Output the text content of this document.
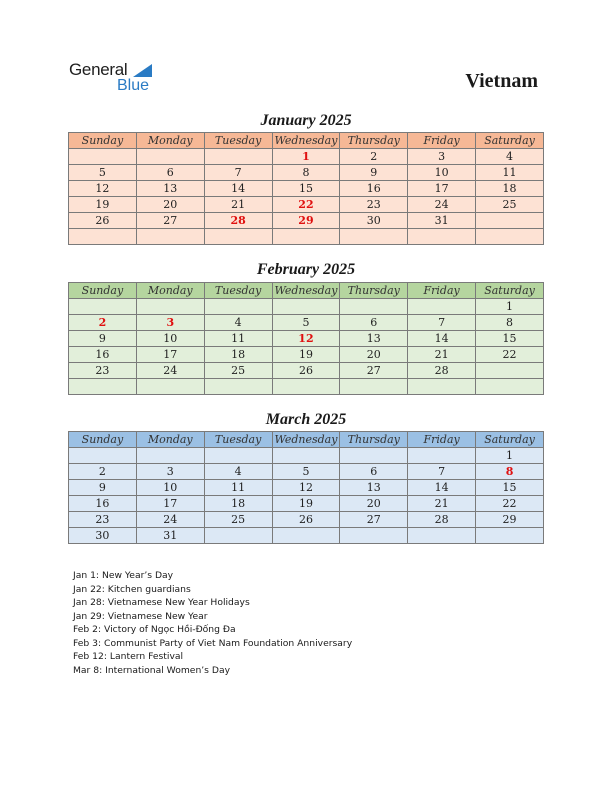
General
Blue	Vietnam
January 2025
Sunday	Monday	Tuesday	Wednesday	Thursday	Friday	Saturday
			1	2	3	4
5	6	7	8	9	10	11
12	13	14	15	16	17	18
19	20	21	22	23	24	25
26	27	28	29	30	31	

February 2025
Sunday	Monday	Tuesday	Wednesday	Thursday	Friday	Saturday
						1
2	3	4	5	6	7	8
9	10	11	12	13	14	15
16	17	18	19	20	21	22
23	24	25	26	27	28	

March 2025
Sunday	Monday	Tuesday	Wednesday	Thursday	Friday	Saturday
						1
2	3	4	5	6	7	8
9	10	11	12	13	14	15
16	17	18	19	20	21	22
23	24	25	26	27	28	29
30	31					
Jan 1: New Year’s Day
Jan 22: Kitchen guardians
Jan 28: Vietnamese New Year Holidays
Jan 29: Vietnamese New Year
Feb 2: Victory of Ngọc Hồi-Đống Đa
Feb 3: Communist Party of Viet Nam Foundation Anniversary
Feb 12: Lantern Festival
Mar 8: International Women’s Day
